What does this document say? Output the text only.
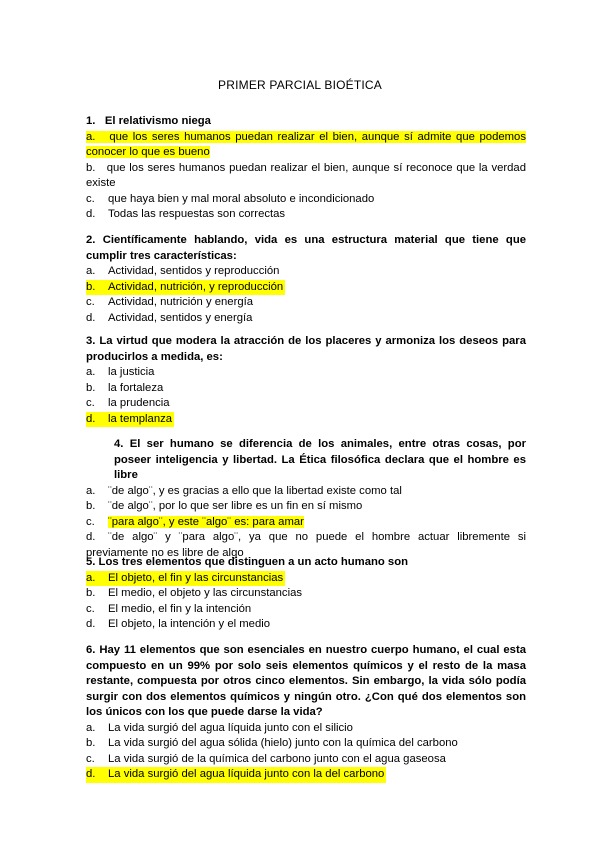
PRIMER PARCIAL BIOÉTICA
1.   El relativismo niega
a. que los seres humanos puedan realizar el bien, aunque sí admite que podemos conocer lo que es bueno
b. que los seres humanos puedan realizar el bien, aunque sí reconoce que la verdad existe
c.	que haya bien y mal moral absoluto e incondicionado
d.	Todas las respuestas son correctas
2. Científicamente hablando, vida es una estructura material que tiene que cumplir tres características:
a.	Actividad, sentidos y reproducción
b. Actividad, nutrición, y reproducción
c.	Actividad, nutrición y energía
d.	Actividad, sentidos y energía
3. La virtud que modera la atracción de los placeres y armoniza los deseos para producirlos a medida, es:
a.	la justicia
b.	la fortaleza
c.	la prudencia
d. la templanza
4. El ser humano se diferencia de los animales, entre otras cosas, por poseer inteligencia y libertad. La Ética filosófica declara que el hombre es libre
a.	¨de algo¨, y es gracias a ello que la libertad existe como tal
b.	¨de algo¨, por lo que ser libre es un fin en sí mismo
c. ¨para algo¨, y este ¨algo¨ es: para amar
d. ¨de algo¨ y ¨para algo¨, ya que no puede el hombre actuar libremente si previamente no es libre de algo
5. Los tres elementos que distinguen a un acto humano son
a. El objeto, el fin y las circunstancias
b.	El medio, el objeto y las circunstancias
c.	El medio, el fin y la intención
d.	El objeto, la intención y el medio
6. Hay 11 elementos que son esenciales en nuestro cuerpo humano, el cual esta compuesto en un 99% por solo seis elementos químicos y el resto de la masa restante, compuesta por otros cinco elementos. Sin embargo, la vida sólo podía surgir con dos elementos químicos y ningún otro. ¿Con qué dos elementos son los únicos con los que puede darse la vida?
a.	La vida surgió del agua líquida junto con el silicio
b.	La vida surgió del agua sólida (hielo) junto con la química del carbono
c.	La vida surgió de la química del carbono junto con el agua gaseosa
d. La vida surgió del agua líquida junto con la del carbono
